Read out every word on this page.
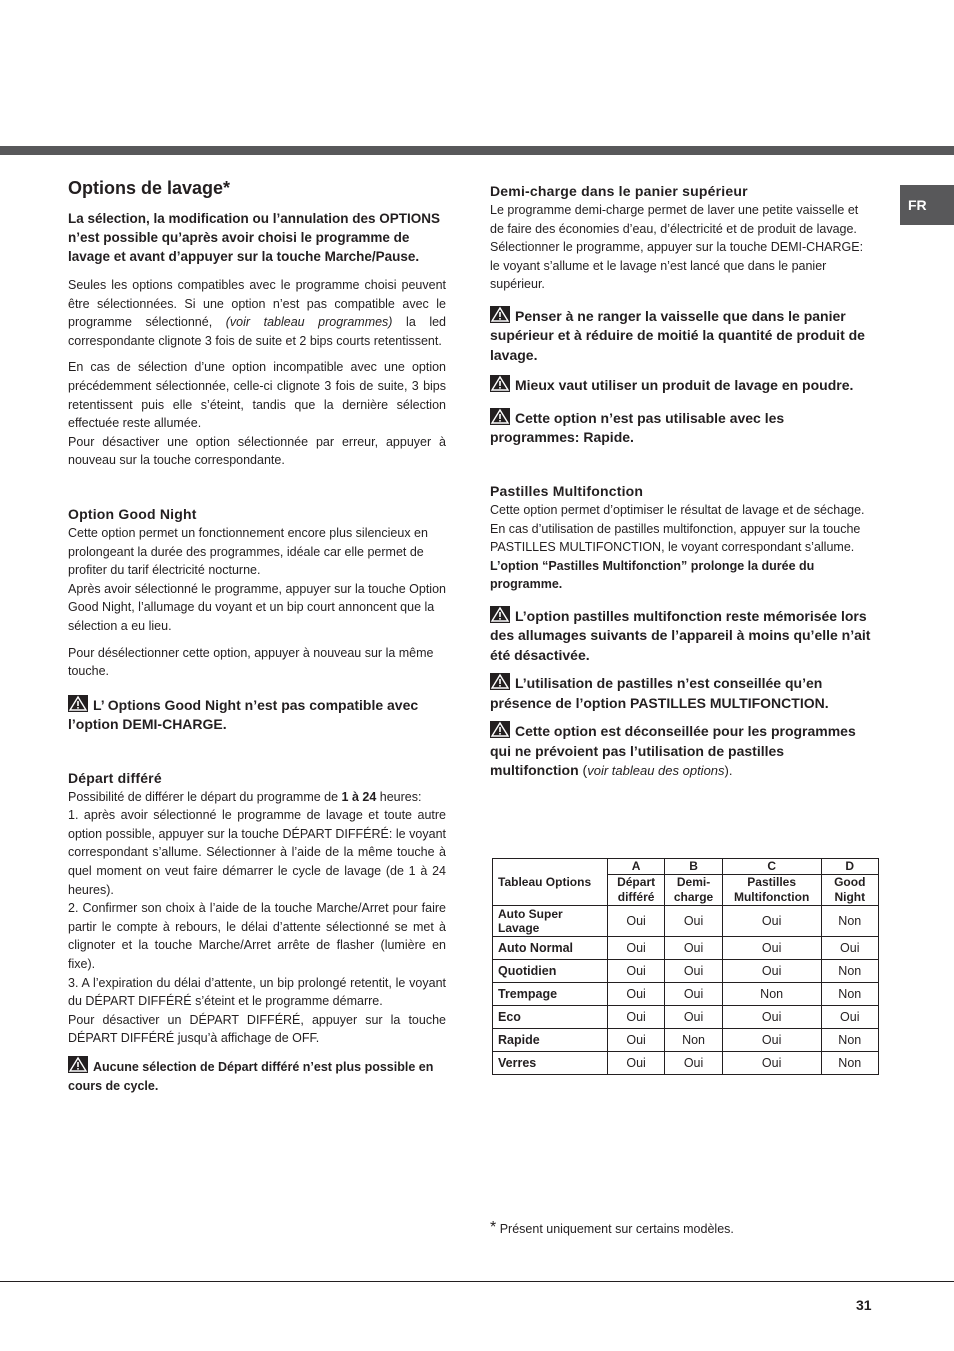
FR
Options de lavage*

La sélection, la modification ou l’annulation des OPTIONS n’est possible qu’après avoir choisi le programme de lavage et avant d’appuyer sur la touche Marche/Pause.

Seules les options compatibles avec le programme choisi peuvent être sélectionnées. Si une option n’est pas compatible avec le programme sélectionné, (voir tableau programmes) la led correspondante clignote 3 fois de suite et 2 bips courts retentissent.

En cas de sélection d’une option incompatible avec une option précédemment sélectionnée, celle-ci clignote 3 fois de suite, 3 bips retentissent puis elle s’éteint, tandis que la dernière sélection effectuée reste allumée.

Pour désactiver une option sélectionnée par erreur, appuyer à nouveau sur la touche correspondante.

Option Good Night

Cette option permet un fonctionnement encore plus silencieux en prolongeant la durée des programmes, idéale car elle permet de profiter du tarif électricité nocturne.

Après avoir sélectionné le programme, appuyer sur la touche Option Good Night, l’allumage du voyant et un bip court annoncent que la sélection a eu lieu.

Pour désélectionner cette option, appuyer à nouveau sur la même touche.

L’ Options Good Night n’est pas compatible avec l’option DEMI-CHARGE.

Départ différé

Possibilité de différer le départ du programme de 1 à 24 heures:

1. après avoir sélectionné le programme de lavage et toute autre option possible, appuyer sur la touche DÉPART DIFFÉRÉ: le voyant correspondant s’allume. Sélectionner à l’aide de la même touche à quel moment on veut faire démarrer le cycle de lavage (de 1 à 24 heures).

2. Confirmer son choix à l’aide de la touche Marche/Arret pour faire partir le compte à rebours, le délai d’attente sélectionné se met à clignoter et la touche Marche/Arret arrête de flasher (lumière en fixe).

3. A l’expiration du délai d’attente, un bip prolongé retentit, le voyant du DÉPART DIFFÉRÉ s’éteint et le programme démarre.

Pour désactiver un DÉPART DIFFÉRÉ, appuyer sur la touche DÉPART DIFFÉRÉ jusqu’à affichage de OFF.

Aucune sélection de Départ différé n’est plus possible en cours de cycle.

Demi-charge dans le panier supérieur

Le programme demi-charge permet de laver une petite vaisselle et de faire des économies d’eau, d’électricité et de produit de lavage. Sélectionner le programme, appuyer sur la touche DEMI-CHARGE: le voyant s’allume et le lavage n’est lancé que dans le panier supérieur.

Penser à ne ranger la vaisselle que dans le panier supérieur et à réduire de moitié la quantité de produit de lavage.

Mieux vaut utiliser un produit de lavage en poudre.

Cette option n’est pas utilisable avec les programmes: Rapide.

Pastilles Multifonction

Cette option permet d’optimiser le résultat de lavage et de séchage.

En cas d’utilisation de pastilles multifonction, appuyer sur la touche PASTILLES MULTIFONCTION, le voyant correspondant s’allume. L’option “Pastilles Multifonction” prolonge la durée du programme.

L’option pastilles multifonction reste mémorisée lors des allumages suivants de l’appareil à moins qu’elle n’ait été désactivée.

L’utilisation de pastilles n’est conseillée qu’en présence de l’option PASTILLES MULTIFONCTION.

Cette option est déconseillée pour les programmes qui ne prévoient pas l’utilisation de pastilles multifonction (voir tableau des options).

Tableau Options	A	B	C	D
	Départ différé	Demi-charge	Pastilles Multifonction	Good Night
Auto Super Lavage	Oui	Oui	Oui	Non
Auto Normal	Oui	Oui	Oui	Oui
Quotidien	Oui	Oui	Oui	Non
Trempage	Oui	Oui	Non	Non
Eco	Oui	Oui	Oui	Oui
Rapide	Oui	Non	Oui	Non
Verres	Oui	Oui	Oui	Non
* Présent uniquement sur certains modèles.
31
